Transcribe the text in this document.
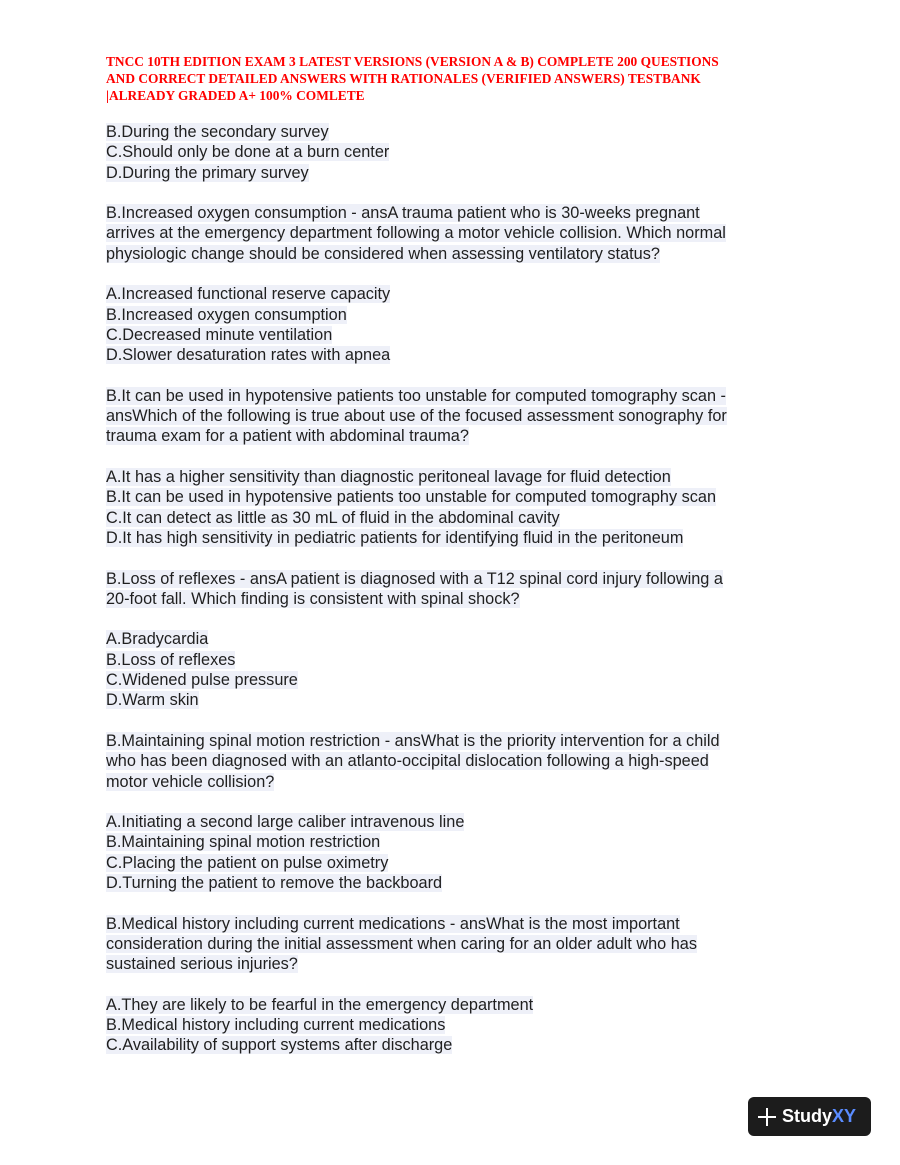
TNCC 10TH EDITION EXAM 3 LATEST VERSIONS (VERSION A & B) COMPLETE 200 QUESTIONS
AND CORRECT DETAILED ANSWERS WITH RATIONALES (VERIFIED ANSWERS) TESTBANK
|ALREADY GRADED A+ 100% COMLETE
B.During the secondary survey
C.Should only be done at a burn center
D.During the primary survey
B.Increased oxygen consumption - ansA trauma patient who is 30-weeks pregnant
arrives at the emergency department following a motor vehicle collision. Which normal
physiologic change should be considered when assessing ventilatory status?
A.Increased functional reserve capacity
B.Increased oxygen consumption
C.Decreased minute ventilation
D.Slower desaturation rates with apnea
B.It can be used in hypotensive patients too unstable for computed tomography scan -
ansWhich of the following is true about use of the focused assessment sonography for
trauma exam for a patient with abdominal trauma?
A.It has a higher sensitivity than diagnostic peritoneal lavage for fluid detection
B.It can be used in hypotensive patients too unstable for computed tomography scan
C.It can detect as little as 30 mL of fluid in the abdominal cavity
D.It has high sensitivity in pediatric patients for identifying fluid in the peritoneum
B.Loss of reflexes - ansA patient is diagnosed with a T12 spinal cord injury following a
20-foot fall. Which finding is consistent with spinal shock?
A.Bradycardia
B.Loss of reflexes
C.Widened pulse pressure
D.Warm skin
B.Maintaining spinal motion restriction - ansWhat is the priority intervention for a child
who has been diagnosed with an atlanto-occipital dislocation following a high-speed
motor vehicle collision?
A.Initiating a second large caliber intravenous line
B.Maintaining spinal motion restriction
C.Placing the patient on pulse oximetry
D.Turning the patient to remove the backboard
B.Medical history including current medications - ansWhat is the most important
consideration during the initial assessment when caring for an older adult who has
sustained serious injuries?
A.They are likely to be fearful in the emergency department
B.Medical history including current medications
C.Availability of support systems after discharge
Study XY
